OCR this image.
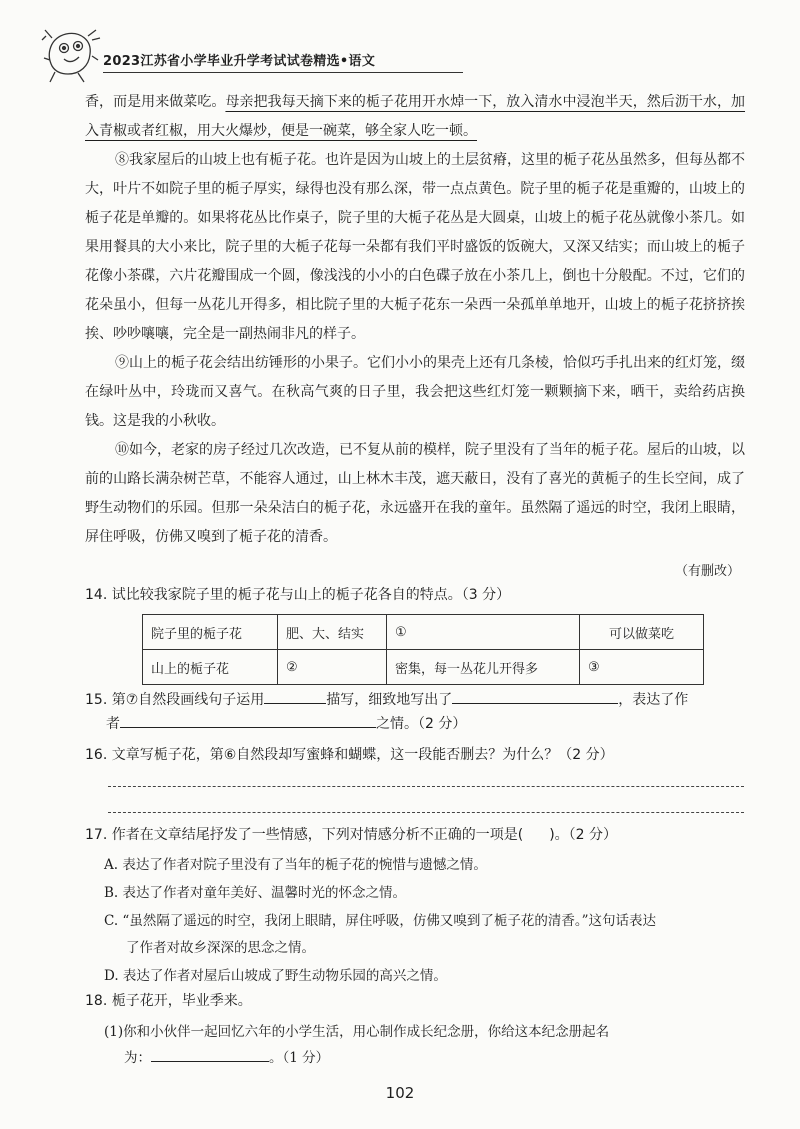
2023江苏省小学毕业升学考试试卷精选•语文

香，而是用来做菜吃。母亲把我每天摘下来的栀子花用开水焯一下，放入清水中浸泡半天，然后沥干水，加入青椒或者红椒，用大火爆炒，便是一碗菜，够全家人吃一顿。

⑧我家屋后的山坡上也有栀子花。也许是因为山坡上的土层贫瘠，这里的栀子花丛虽然多，但每丛都不大，叶片不如院子里的栀子厚实，绿得也没有那么深，带一点点黄色。院子里的栀子花是重瓣的，山坡上的栀子花是单瓣的。如果将花丛比作桌子，院子里的大栀子花丛是大圆桌，山坡上的栀子花丛就像小茶几。如果用餐具的大小来比，院子里的大栀子花每一朵都有我们平时盛饭的饭碗大，又深又结实；而山坡上的栀子花像小茶碟，六片花瓣围成一个圆，像浅浅的小小的白色碟子放在小茶几上，倒也十分般配。不过，它们的花朵虽小，但每一丛花儿开得多，相比院子里的大栀子花东一朵西一朵孤单单地开，山坡上的栀子花挤挤挨挨、吵吵嚷嚷，完全是一副热闹非凡的样子。

⑨山上的栀子花会结出纺锤形的小果子。它们小小的果壳上还有几条棱，恰似巧手扎出来的红灯笼，缀在绿叶丛中，玲珑而又喜气。在秋高气爽的日子里，我会把这些红灯笼一颗颗摘下来，晒干，卖给药店换钱。这是我的小秋收。

⑩如今，老家的房子经过几次改造，已不复从前的模样，院子里没有了当年的栀子花。屋后的山坡，以前的山路长满杂树芒草，不能容人通过，山上林木丰茂，遮天蔽日，没有了喜光的黄栀子的生长空间，成了野生动物们的乐园。但那一朵朵洁白的栀子花，永远盛开在我的童年。虽然隔了遥远的时空，我闭上眼睛，屏住呼吸，仿佛又嗅到了栀子花的清香。

（有删改）
14. 试比较我家院子里的栀子花与山上的栀子花各自的特点。（3 分）
院子里的栀子花	肥、大、结实	①	可以做菜吃
山上的栀子花	②	密集，每一丛花儿开得多	③
15. 第⑦自然段画线句子运用	描写，细致地写出了	，表达了作
者	之情。（2 分）
16. 文章写栀子花，第⑥自然段却写蜜蜂和蝴蝶，这一段能否删去？为什么？（2 分）
17. 作者在文章结尾抒发了一些情感，下列对情感分析不正确的一项是( )。（2 分）
A. 表达了作者对院子里没有了当年的栀子花的惋惜与遗憾之情。
B. 表达了作者对童年美好、温馨时光的怀念之情。
C. “虽然隔了遥远的时空，我闭上眼睛，屏住呼吸，仿佛又嗅到了栀子花的清香。”这句话表达
了作者对故乡深深的思念之情。
D. 表达了作者对屋后山坡成了野生动物乐园的高兴之情。
18. 栀子花开，毕业季来。
(1)你和小伙伴一起回忆六年的小学生活，用心制作成长纪念册，你给这本纪念册起名
为：	。（1 分）
102
